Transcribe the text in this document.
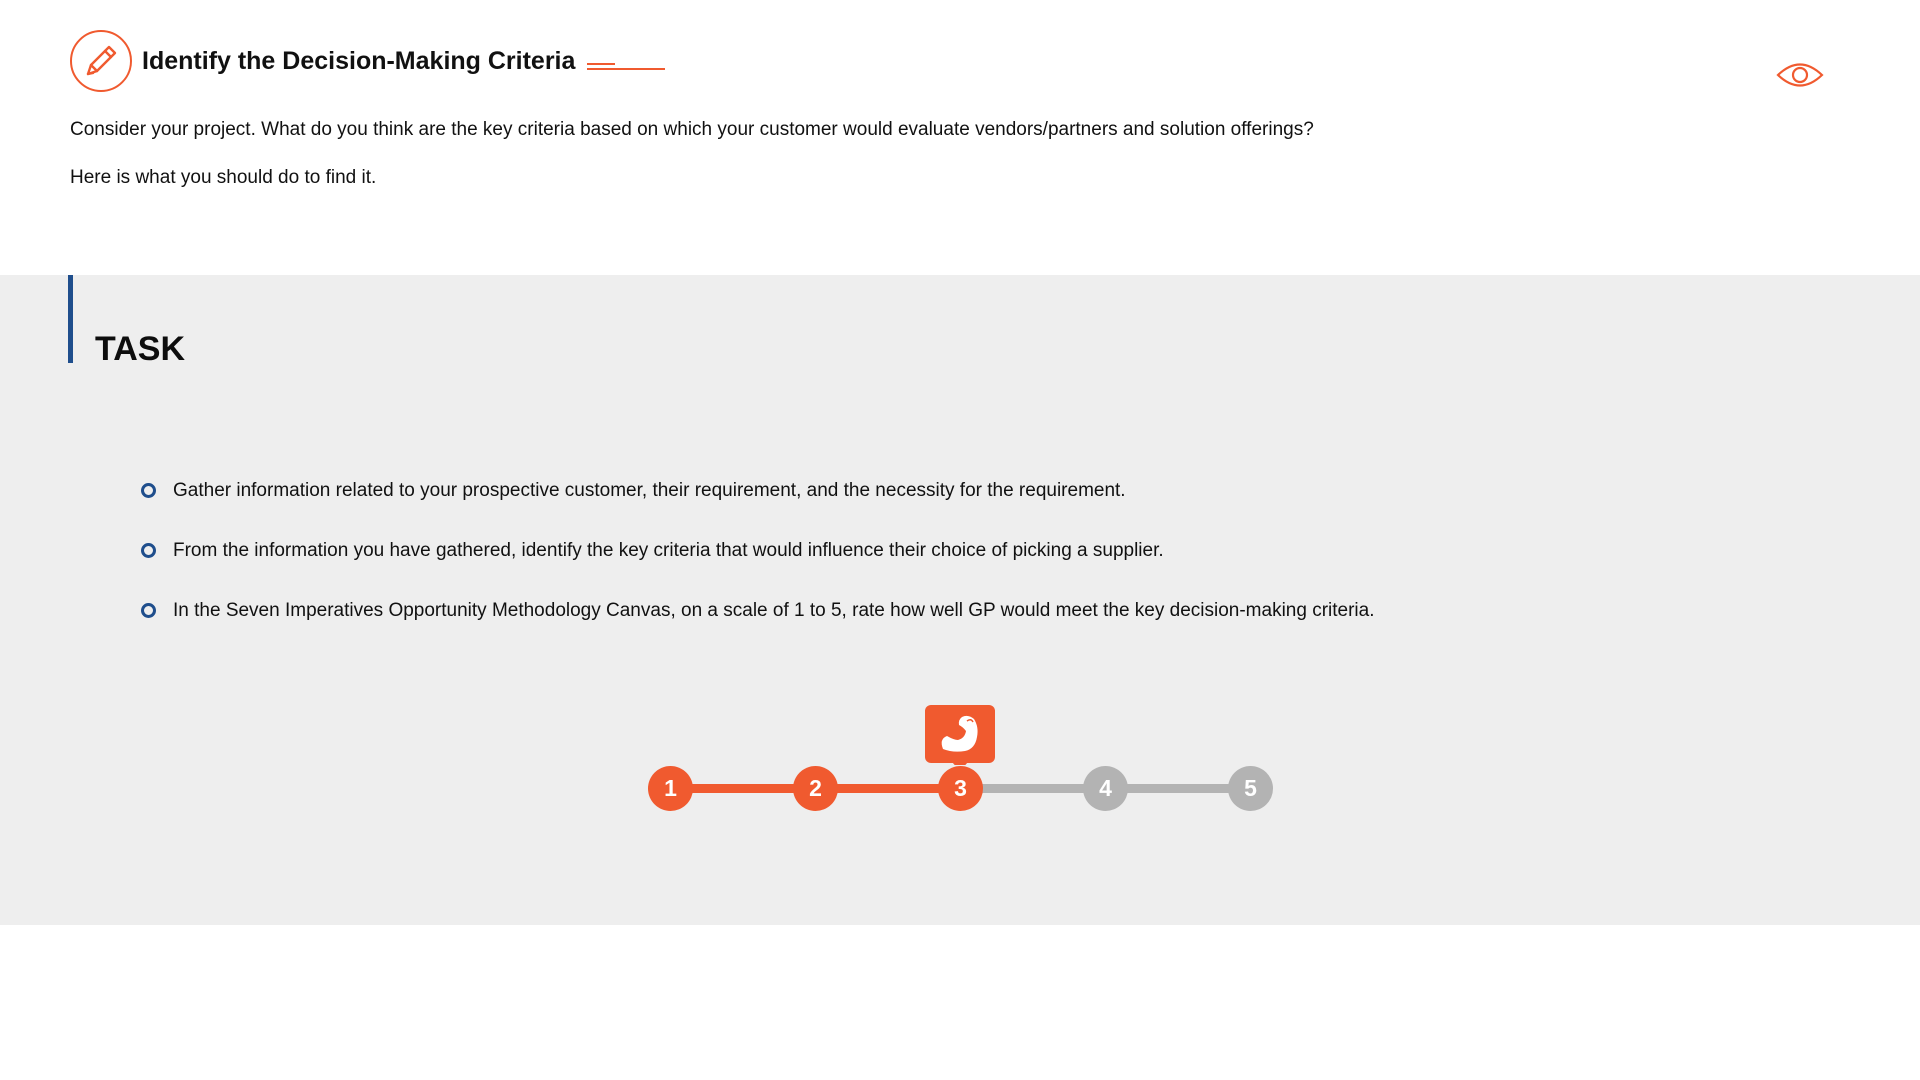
Identify the Decision-Making Criteria
Consider your project. What do you think are the key criteria based on which your customer would evaluate vendors/partners and solution offerings?
Here is what you should do to find it.
TASK
Gather information related to your prospective customer, their requirement, and the necessity for the requirement.
From the information you have gathered, identify the key criteria that would influence their choice of picking a supplier.
In the Seven Imperatives Opportunity Methodology Canvas, on a scale of 1 to 5, rate how well GP would meet the key decision-making criteria.
1	2	3	4	5
